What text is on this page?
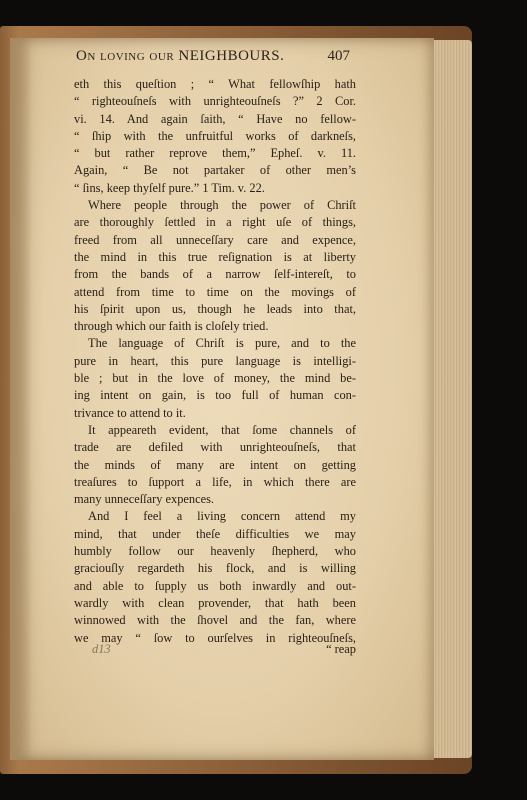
On loving our NEIGHBOURS.	407
eth this queſtion ; “ What fellowſhip hath
“ righteouſneſs with unrighteouſneſs ?” 2 Cor.
vi. 14. And again ſaith, “ Have no fellow-
“ ſhip with the unfruitful works of darkneſs,
“ but rather reprove them,” Epheſ. v. 11.
Again, “ Be not partaker of other men’s
“ ſins, keep thyſelf pure.” 1 Tim. v. 22.
Where people through the power of Chriſt
are thoroughly ſettled in a right uſe of things,
freed from all unneceſſary care and expence,
the mind in this true reſignation is at liberty
from the bands of a narrow ſelf-intereſt, to
attend from time to time on the movings of
his ſpirit upon us, though he leads into that,
through which our faith is cloſely tried.
The language of Chriſt is pure, and to the
pure in heart, this pure language is intelligi-
ble ; but in the love of money, the mind be-
ing intent on gain, is too full of human con-
trivance to attend to it.
It appeareth evident, that ſome channels of
trade are defiled with unrighteouſneſs, that
the minds of many are intent on getting
treaſures to ſupport a life, in which there are
many unneceſſary expences.
And I feel a living concern attend my
mind, that under theſe difficulties we may
humbly follow our heavenly ſhepherd, who
graciouſly regardeth his flock, and is willing
and able to ſupply us both inwardly and out-
wardly with clean provender, that hath been
winnowed with the ſhovel and the fan, where
we may “ ſow to ourſelves in righteouſneſs,
d13	“ reap
